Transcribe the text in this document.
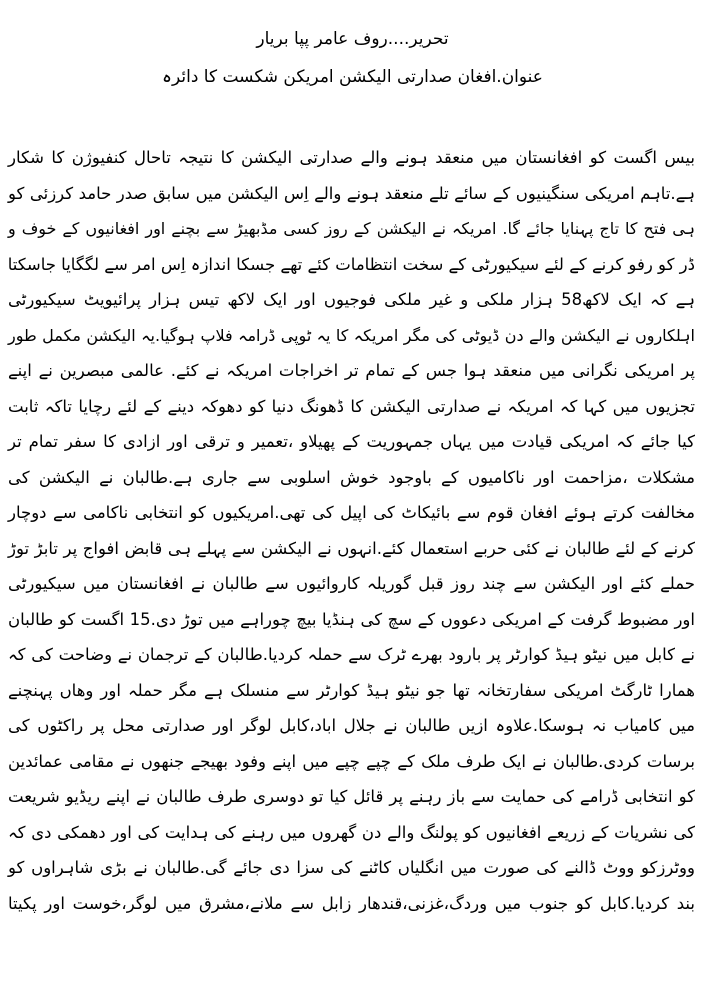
تحریر....روف عامر پپا بریار
عنوان.افغان صدارتی الیکشن امریکن شکست کا دائرہ
بیس اگست کو افغانستان میں منعقد ہونے والے صدارتی الیکشن کا نتیجہ تاحال کنفیوژن کا شکار
ہے.تاہم امریکی سنگینیوں کے سائے تلے منعقد ہونے والے اِس الیکشن میں سابق صدر حامد کرزئی کو
ہی فتح کا تاج پہنایا جائے گا. امریکہ نے الیکشن کے روز کسی مڈبھیڑ سے بچنے اور افغانیوں کے خوف و
ڈر کو رفو کرنے کے لئے سیکیورٹی کے سخت انتظامات کئے تھے جسکا اندازہ اِس امر سے لگگایا جاسکتا
ہے کہ ایک لاکھ58 ہزار ملکی و غیر ملکی فوجیوں اور ایک لاکھ تیس ہزار پرائیویٹ سیکیورٹی
اہلکاروں نے الیکشن والے دن ڈیوٹی کی مگر امریکہ کا یہ ٹوپی ڈرامہ فلاپ ہوگیا.یہ الیکشن مکمل طور
پر امریکی نگرانی میں منعقد ہوا جس کے تمام تر اخراجات امریکہ نے کئے. عالمی مبصرین نے اپنے
تجزیوں میں کہا کہ امریکہ نے صدارتی الیکشن کا ڈھونگ دنیا کو دھوکہ دینے کے لئے رچایا تاکہ ثابت
کیا جائے کہ امریکی قیادت میں یہاں جمہوریت کے پھیلاو ،تعمیر و ترقی اور ازادی کا سفر تمام تر
مشکلات ،مزاحمت اور ناکامیوں کے باوجود خوش اسلوبی سے جاری ہے.طالبان نے الیکشن کی
مخالفت کرتے ہوئے افغان قوم سے بائیکاٹ کی اپیل کی تھی.امریکیوں کو انتخابی ناکامی سے دوچار
کرنے کے لئے طالبان نے کئی حربے استعمال کئے.انہوں نے الیکشن سے پہلے ہی قابض افواج پر تابڑ توڑ
حملے کئے اور الیکشن سے چند روز قبل گوریلہ کاروائیوں سے طالبان نے افغانستان میں سیکیورٹی
اور مضبوط گرفت کے امریکی دعووں کے سچ کی ہنڈیا بیچ چوراہے میں توڑ دی.15 اگست کو طالبان
نے کابل میں نیٹو ہیڈ کوارٹر پر بارود بھرے ٹرک سے حملہ کردیا.طالبان کے ترجمان نے وضاحت کی کہ
ھمارا ٹارگٹ امریکی سفارتخانہ تھا جو نیٹو ہیڈ کوارٹر سے منسلک ہے مگر حملہ اور وھاں پہنچنے
میں کامیاب نہ ہوسکا.علاوہ ازیں طالبان نے جلال اباد،کابل لوگر اور صدارتی محل پر راکٹوں کی
برسات کردی.طالبان نے ایک طرف ملک کے چپے چپے میں اپنے وفود بھیجے جنھوں نے مقامی عمائدین
کو انتخابی ڈرامے کی حمایت سے باز رہنے پر قائل کیا تو دوسری طرف طالبان نے اپنے ریڈیو شریعت
کی نشریات کے زریعے افغانیوں کو پولنگ والے دن گھروں میں رہنے کی ہدایت کی اور دھمکی دی کہ
ووٹرزکو ووٹ ڈالنے کی صورت میں انگلیاں کاٹنے کی سزا دی جائے گی.طالبان نے بڑی شاہراوں کو
بند کردیا.کابل کو جنوب میں وردگ،غزنی،قندھار زابل سے ملانے،مشرق میں لوگر،خوست اور پکیتا
